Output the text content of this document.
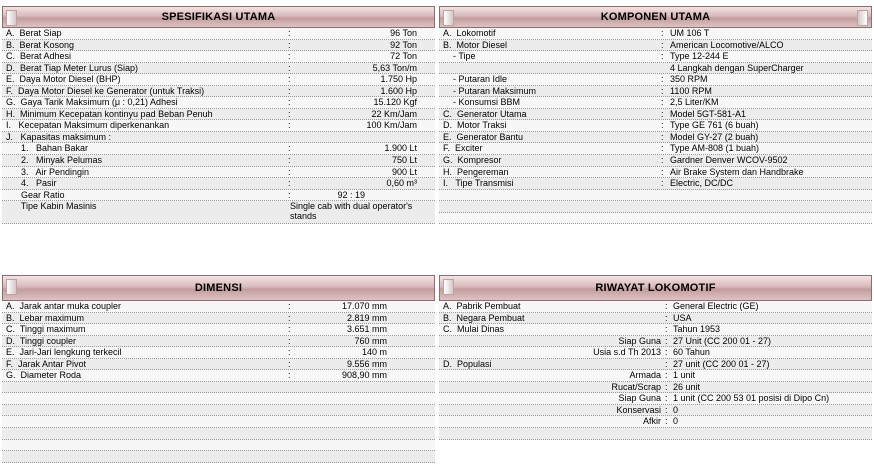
SPESIFIKASI UTAMA
A.  Berat Siap	:	96 Ton
B.  Berat Kosong	:	92 Ton
C.  Berat Adhesi	:	72 Ton
D.  Berat Tiap Meter Lurus (Siap)	:	5,63 Ton/m
E.  Daya Motor Diesel (BHP)	:	1.750 Hp
F.  Daya Motor Diesel ke Generator (untuk Traksi)	:	1.600 Hp
G.  Gaya Tarik Maksimum (μ : 0,21) Adhesi	:	15.120 Kgf
H.  Minimum Kecepatan kontinyu pad Beban Penuh	:	22 Km/Jam
I.   Kecepatan Maksimum diperkenankan	:	100 Km/Jam
J.   Kapasitas maksimum :
1.   Bahan Bakar	:	1.900 Lt
2.   Minyak Pelumas	:	750 Lt
3.   Air Pendingin	:	900 Lt
4.   Pasir	:	0,60 m³
Gear Ratio	:	92 : 19
Tipe Kabin Masinis	Single cab with dual operator's stands
KOMPONEN UTAMA
A.  Lokomotif	: UM 106 T
B.  Motor Diesel	: American Locomotive/ALCO
- Tipe	: Type 12-244 E
4 Langkah dengan SuperCharger
- Putaran Idle	: 350 RPM
- Putaran Maksimum	: 1100 RPM
- Konsumsi BBM	: 2,5 Liter/KM
C.  Generator Utama	: Model 5GT-581-A1
D.  Motor Traksi	: Type GE 761 (6 buah)
E.  Generator Bantu	: Model GY-27 (2 buah)
F.  Exciter	: Type AM-808 (1 buah)
G.  Kompresor	: Gardner Denver WCOV-9502
H.  Pengereman	: Air Brake System dan Handbrake
I.   Tipe Transmisi	: Electric, DC/DC
DIMENSI
A.  Jarak antar muka coupler	:	17.070 mm
B.  Lebar maximum	:	2.819 mm
C.  Tinggi maximum	:	3.651 mm
D.  Tinggi coupler	:	760 mm
E.  Jari-Jari lengkung terkecil	:	140 m
F.  Jarak Antar Pivot	:	9.556 mm
G.  Diameter Roda	:	908,90 mm
RIWAYAT LOKOMOTIF
A.  Pabrik Pembuat	: General Electric (GE)
B.  Negara Pembuat	: USA
C.  Mulai Dinas	: Tahun 1953
Siap Guna : 27 Unit (CC 200 01 - 27)
Usia s.d Th 2013 : 60 Tahun
D.  Populasi	: 27 unit (CC 200 01 - 27)
Armada : 1 unit
Rucat/Scrap : 26 unit
Siap Guna : 1 unit (CC 200 53 01 posisi di Dipo Cn)
Konservasi : 0
Afkir : 0
